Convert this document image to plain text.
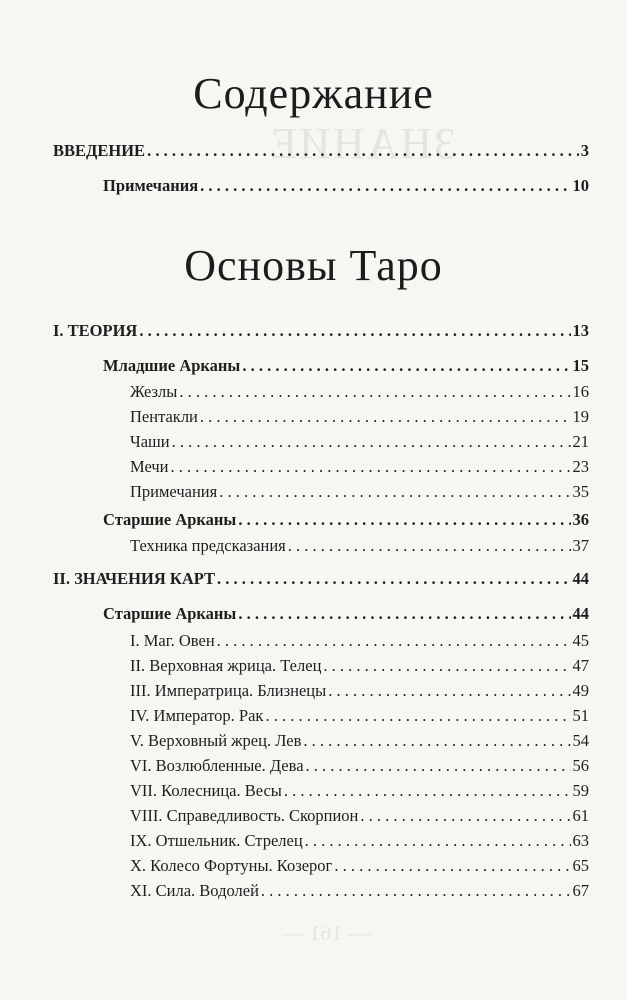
ЗНАНИЕ
— 161 —
Содержание
ВВЕДЕНИЕ . . .	3
Примечания . . .	10
Основы Таро
I. ТЕОРИЯ . . .	13
Младшие Арканы . . .	15
Жезлы . . .	16
Пентакли . . .	19
Чаши . . .	21
Мечи . . .	23
Примечания . . .	35
Старшие Арканы . . .	36
Техника предсказания . . .	37
II. ЗНАЧЕНИЯ КАРТ . . .	44
Старшие Арканы . . .	44
I. Маг. Овен . . .	45
II. Верховная жрица. Телец . . .	47
III. Императрица. Близнецы . . .	49
IV. Император. Рак . . .	51
V. Верховный жрец. Лев . . .	54
VI. Возлюбленные. Дева . . .	56
VII. Колесница. Весы . . .	59
VIII. Справедливость. Скорпион . . .	61
IX. Отшельник. Стрелец . . .	63
X. Колесо Фортуны. Козерог . . .	65
XI. Сила. Водолей . . .	67
